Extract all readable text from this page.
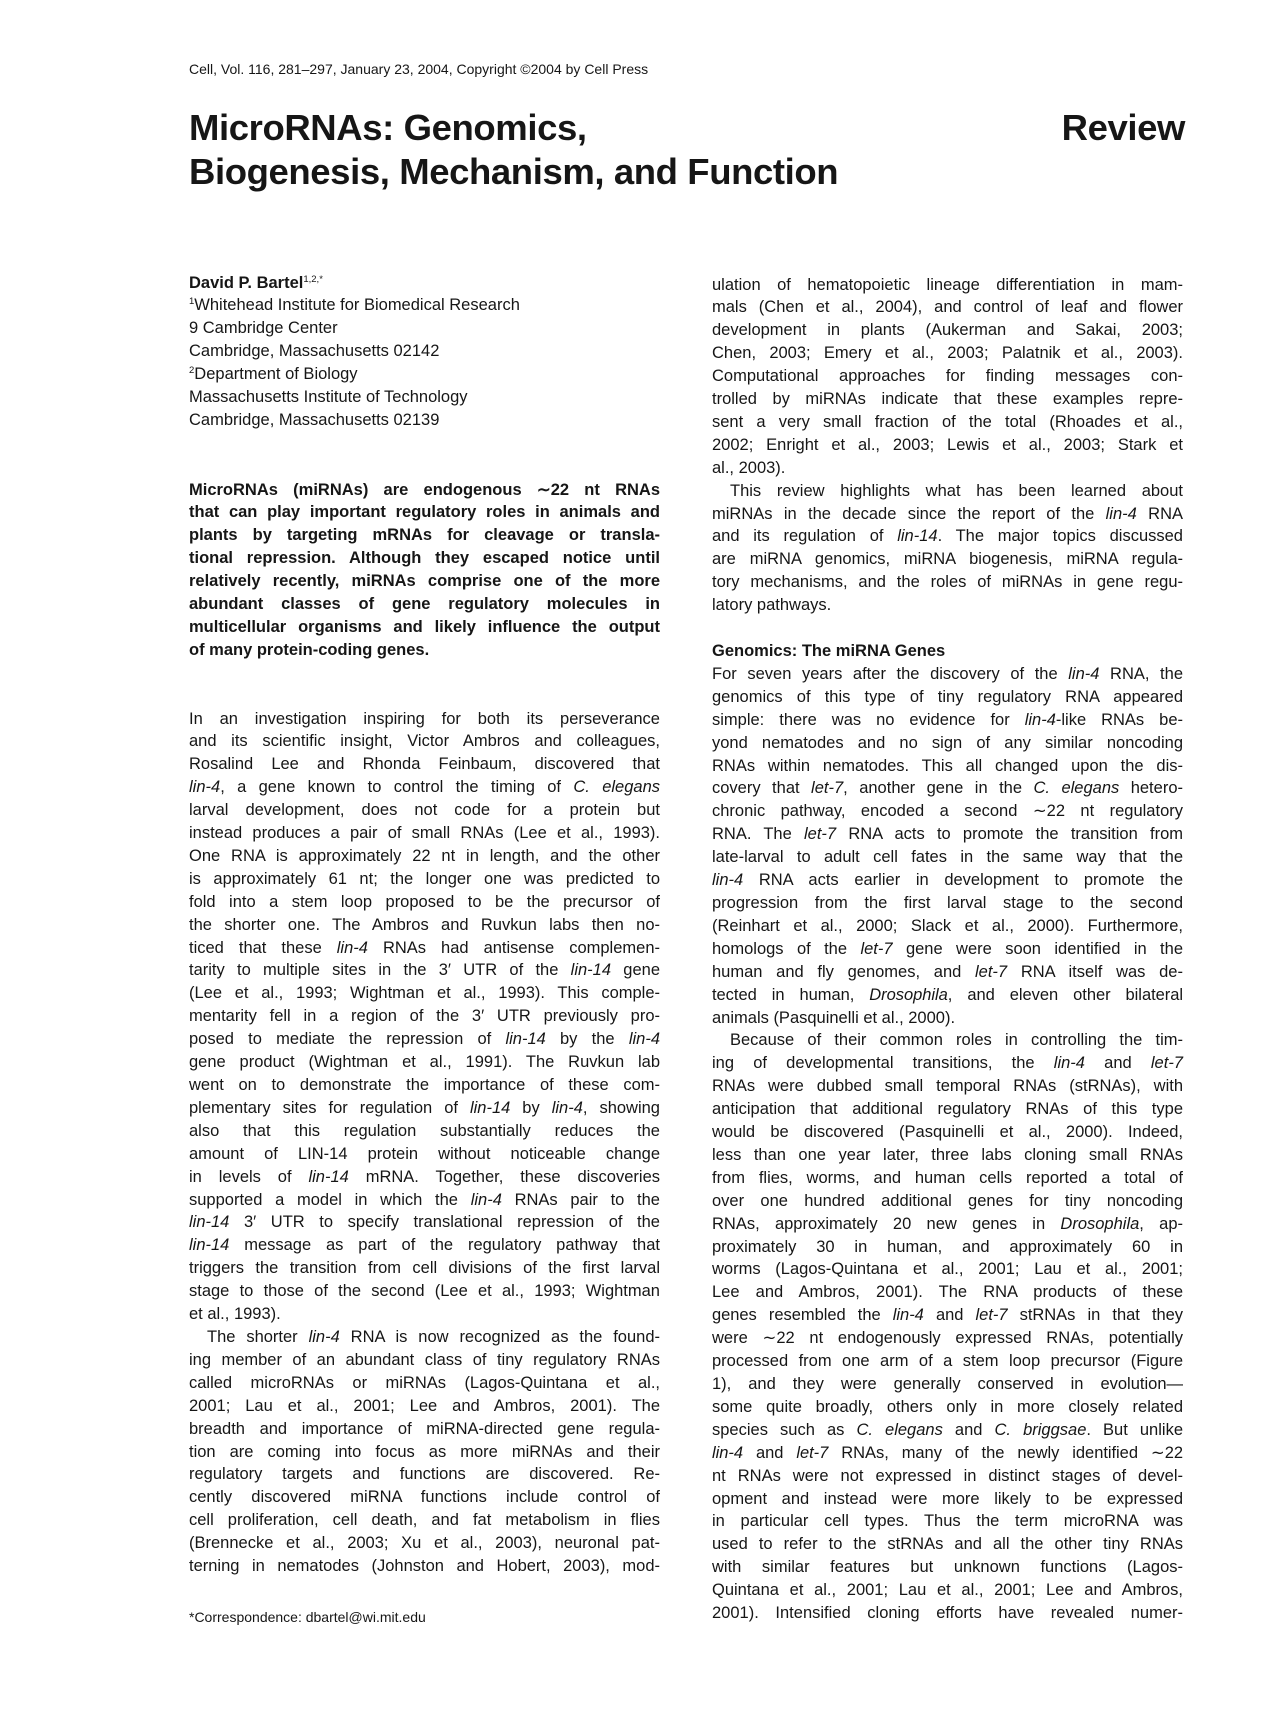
Cell, Vol. 116, 281–297, January 23, 2004, Copyright ©2004 by Cell Press
MicroRNAs: Genomics,
Biogenesis, Mechanism, and Function
Review
David P. Bartel$^{1,2,*}$
$^1$Whitehead Institute for Biomedical Research
9 Cambridge Center
Cambridge, Massachusetts 02142
$^2$Department of Biology
Massachusetts Institute of Technology
Cambridge, Massachusetts 02139
MicroRNAs (miRNAs) are endogenous ∼22 nt RNAs
that can play important regulatory roles in animals and
plants by targeting mRNAs for cleavage or transla-
tional repression. Although they escaped notice until
relatively recently, miRNAs comprise one of the more
abundant classes of gene regulatory molecules in
multicellular organisms and likely influence the output
of many protein-coding genes.
In an investigation inspiring for both its perseverance
and its scientific insight, Victor Ambros and colleagues,
Rosalind Lee and Rhonda Feinbaum, discovered that
lin-4, a gene known to control the timing of C. elegans
larval development, does not code for a protein but
instead produces a pair of small RNAs (Lee et al., 1993).
One RNA is approximately 22 nt in length, and the other
is approximately 61 nt; the longer one was predicted to
fold into a stem loop proposed to be the precursor of
the shorter one. The Ambros and Ruvkun labs then no-
ticed that these lin-4 RNAs had antisense complemen-
tarity to multiple sites in the 3′ UTR of the lin-14 gene
(Lee et al., 1993; Wightman et al., 1993). This comple-
mentarity fell in a region of the 3′ UTR previously pro-
posed to mediate the repression of lin-14 by the lin-4
gene product (Wightman et al., 1991). The Ruvkun lab
went on to demonstrate the importance of these com-
plementary sites for regulation of lin-14 by lin-4, showing
also that this regulation substantially reduces the
amount of LIN-14 protein without noticeable change
in levels of lin-14 mRNA. Together, these discoveries
supported a model in which the lin-4 RNAs pair to the
lin-14 3′ UTR to specify translational repression of the
lin-14 message as part of the regulatory pathway that
triggers the transition from cell divisions of the first larval
stage to those of the second (Lee et al., 1993; Wightman
et al., 1993).
The shorter lin-4 RNA is now recognized as the found-
ing member of an abundant class of tiny regulatory RNAs
called microRNAs or miRNAs (Lagos-Quintana et al.,
2001; Lau et al., 2001; Lee and Ambros, 2001). The
breadth and importance of miRNA-directed gene regula-
tion are coming into focus as more miRNAs and their
regulatory targets and functions are discovered. Re-
cently discovered miRNA functions include control of
cell proliferation, cell death, and fat metabolism in flies
(Brennecke et al., 2003; Xu et al., 2003), neuronal pat-
terning in nematodes (Johnston and Hobert, 2003), mod-
ulation of hematopoietic lineage differentiation in mam-
mals (Chen et al., 2004), and control of leaf and flower
development in plants (Aukerman and Sakai, 2003;
Chen, 2003; Emery et al., 2003; Palatnik et al., 2003).
Computational approaches for finding messages con-
trolled by miRNAs indicate that these examples repre-
sent a very small fraction of the total (Rhoades et al.,
2002; Enright et al., 2003; Lewis et al., 2003; Stark et
al., 2003).
This review highlights what has been learned about
miRNAs in the decade since the report of the lin-4 RNA
and its regulation of lin-14. The major topics discussed
are miRNA genomics, miRNA biogenesis, miRNA regula-
tory mechanisms, and the roles of miRNAs in gene regu-
latory pathways.
Genomics: The miRNA Genes
For seven years after the discovery of the lin-4 RNA, the
genomics of this type of tiny regulatory RNA appeared
simple: there was no evidence for lin-4-like RNAs be-
yond nematodes and no sign of any similar noncoding
RNAs within nematodes. This all changed upon the dis-
covery that let-7, another gene in the C. elegans hetero-
chronic pathway, encoded a second ∼22 nt regulatory
RNA. The let-7 RNA acts to promote the transition from
late-larval to adult cell fates in the same way that the
lin-4 RNA acts earlier in development to promote the
progression from the first larval stage to the second
(Reinhart et al., 2000; Slack et al., 2000). Furthermore,
homologs of the let-7 gene were soon identified in the
human and fly genomes, and let-7 RNA itself was de-
tected in human, Drosophila, and eleven other bilateral
animals (Pasquinelli et al., 2000).
Because of their common roles in controlling the tim-
ing of developmental transitions, the lin-4 and let-7
RNAs were dubbed small temporal RNAs (stRNAs), with
anticipation that additional regulatory RNAs of this type
would be discovered (Pasquinelli et al., 2000). Indeed,
less than one year later, three labs cloning small RNAs
from flies, worms, and human cells reported a total of
over one hundred additional genes for tiny noncoding
RNAs, approximately 20 new genes in Drosophila, ap-
proximately 30 in human, and approximately 60 in
worms (Lagos-Quintana et al., 2001; Lau et al., 2001;
Lee and Ambros, 2001). The RNA products of these
genes resembled the lin-4 and let-7 stRNAs in that they
were ∼22 nt endogenously expressed RNAs, potentially
processed from one arm of a stem loop precursor (Figure
1), and they were generally conserved in evolution—
some quite broadly, others only in more closely related
species such as C. elegans and C. briggsae. But unlike
lin-4 and let-7 RNAs, many of the newly identified ∼22
nt RNAs were not expressed in distinct stages of devel-
opment and instead were more likely to be expressed
in particular cell types. Thus the term microRNA was
used to refer to the stRNAs and all the other tiny RNAs
with similar features but unknown functions (Lagos-
Quintana et al., 2001; Lau et al., 2001; Lee and Ambros,
2001). Intensified cloning efforts have revealed numer-
*Correspondence: dbartel@wi.mit.edu
